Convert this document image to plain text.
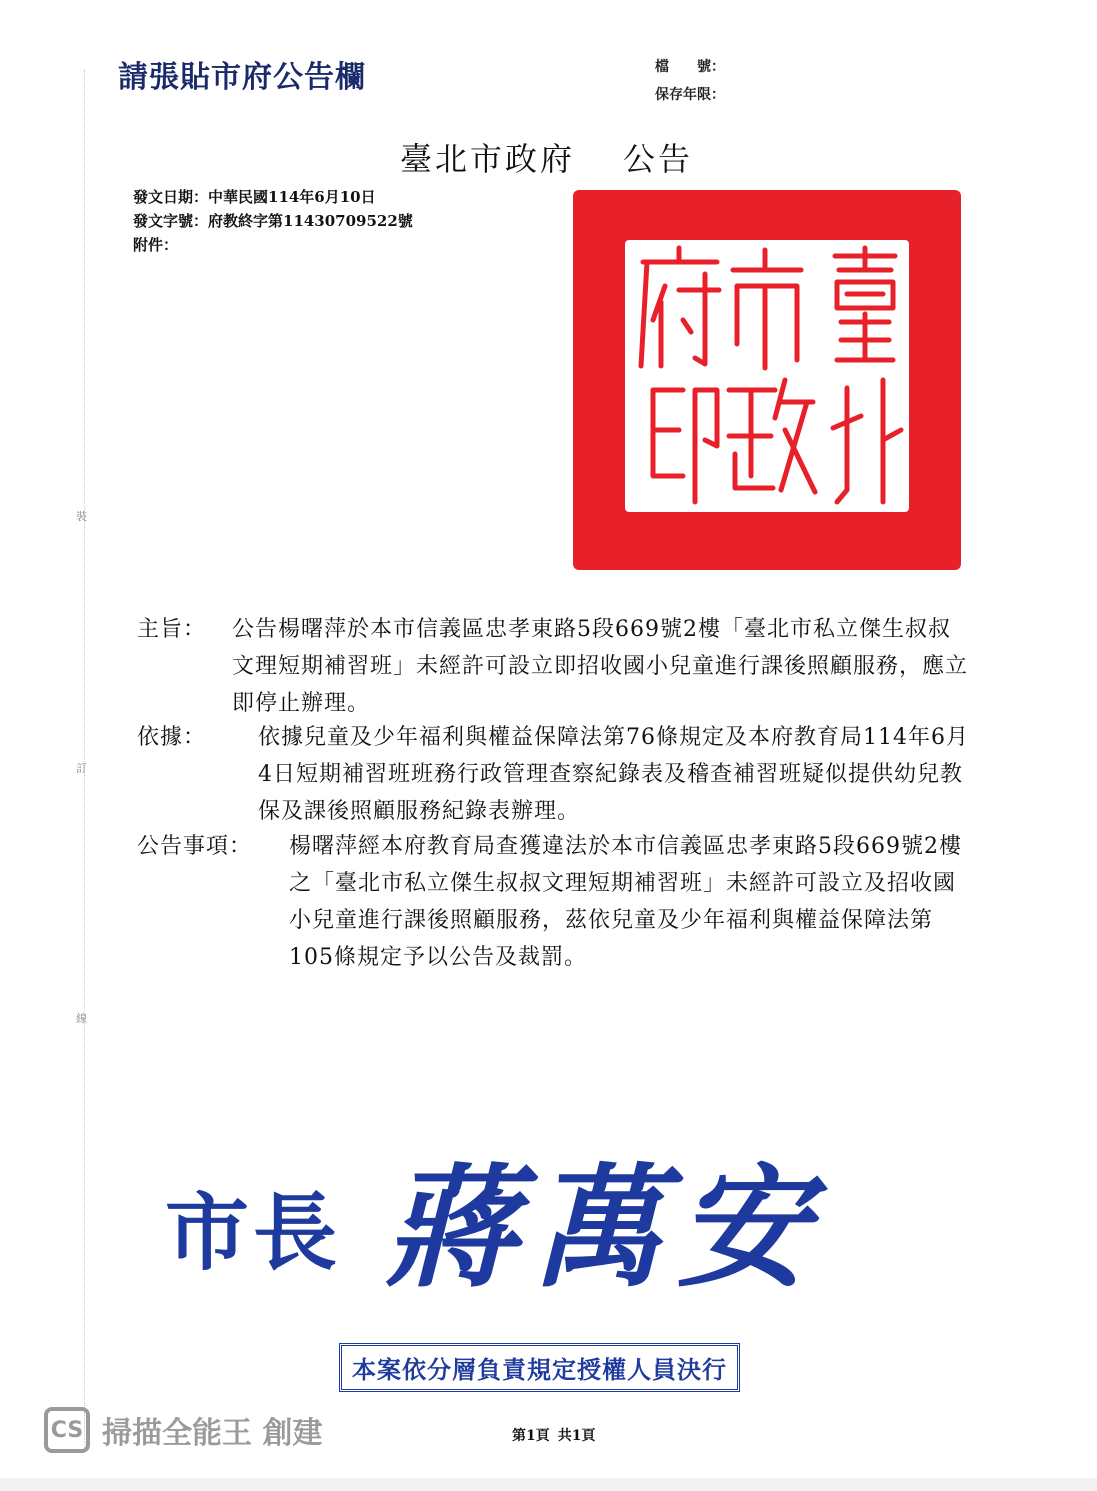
裝
訂
線
請張貼市府公告欄	檔　　號：
保存年限：
臺北市政府 公告
發文日期：中華民國114年6月10日
發文字號：府教終字第11430709522號
附件：
主旨： 公告楊曙萍於本市信義區忠孝東路5段669號2樓「臺北市私立傑生叔叔文理短期補習班」未經許可設立即招收國小兒童進行課後照顧服務，應立即停止辦理。
依據： 依據兒童及少年福利與權益保障法第76條規定及本府教育局114年6月4日短期補習班班務行政管理查察紀錄表及稽查補習班疑似提供幼兒教保及課後照顧服務紀錄表辦理。
公告事項： 楊曙萍經本府教育局查獲違法於本市信義區忠孝東路5段669號2樓之「臺北市私立傑生叔叔文理短期補習班」未經許可設立及招收國小兒童進行課後照顧服務，茲依兒童及少年福利與權益保障法第105條規定予以公告及裁罰。
市長 蔣萬安
本案依分層負責規定授權人員決行
CS 掃描全能王 創建	第1頁 共1頁
